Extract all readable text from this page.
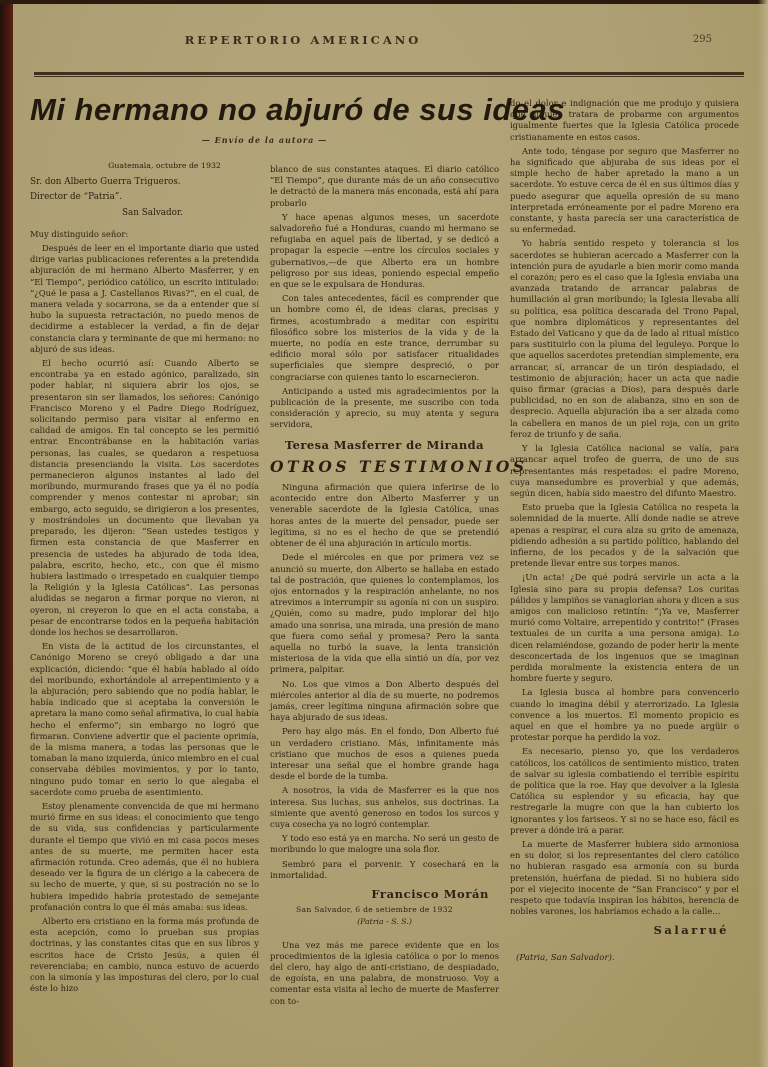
REPERTORIO AMERICANO	295
Mi hermano no abjuró de sus ideas
— Envío de la autora —

Guatemala, octubre de 1932

Sr. don Alberto Guerra Trigueros.

Director de “Patria”.

San Salvador.

Muy distinguido señor:

Después de leer en el importante diario que usted dirige varias publicaciones referentes a la pretendida abjuración de mi hermano Alberto Masferrer, y en “El Tiempo”, periódico católico, un escrito intitulado: “¿Qué le pasa a J. Castellanos Rivas?”, en el cual, de manera velada y socarrona, se da a entender que sí hubo la supuesta retractación, no puedo menos de decidirme a establecer la verdad, a fin de dejar constancia clara y terminante de que mi hermano: no abjuró de sus ideas.

El hecho ocurrió así: Cuando Alberto se encontraba ya en estado agónico, paralizado, sin poder hablar, ni siquiera abrir los ojos, se presentaron sin ser llamados, los señores: Canónigo Francisco Moreno y el Padre Diego Rodríguez, solicitando permiso para visitar al enfermo en calidad de amigos. En tal concepto se les permitió entrar. Encontrábanse en la habitación varias personas, las cuales, se quedaron a respetuosa distancia presenciando la visita. Los sacerdotes permanecieron algunos instantes al lado del moribundo, murmurando frases que ya él no podía comprender y menos contestar ni aprobar; sin embargo, acto seguido, se dirigieron a los presentes, y mostrándoles un documento que llevaban ya preparado, les dijeron: “Sean ustedes testigos y firmen esta constancia de que Masferrer en presencia de ustedes ha abjurado de toda idea, palabra, escrito, hecho, etc., con que él mismo hubiera lastimado o irrespetado en cualquier tiempo la Religión y la Iglesia Católicas”. Las personas aludidas se negaron a firmar porque no vieron, ni oyeron, ni creyeron lo que en el acta constaba, a pesar de encontrarse todos en la pequeña habitación donde los hechos se desarrollaron.

En vista de la actitud de los circunstantes, el Canónigo Moreno se creyó obligado a dar una explicación, diciendo: “que él había hablado al oído del moribundo, exhortándole al arrepentimiento y a la abjuración; pero sabiendo que no podía hablar, le había indicado que si aceptaba la conversión le apretara la mano como señal afirmativa, lo cual había hecho el enfermo”; sin embargo no logró que firmaran. Conviene advertir que el paciente oprimía, de la misma manera, a todas las personas que le tomaban la mano izquierda, único miembro en el cual conservaba débiles movimientos, y por lo tanto, ninguno pudo tomar en serio lo que alegaba el sacerdote como prueba de asentimiento.

Estoy plenamente convencida de que mi hermano murió firme en sus ideas: el conocimiento que tengo de su vida, sus confidencias y particularmente durante el tiempo que vivió en mi casa pocos meses antes de su muerte, me permiten hacer esta afirmación rotunda. Creo además, que él no hubiera deseado ver la figura de un clérigo a la cabecera de su lecho de muerte, y que, si su postración no se lo hubiera impedido habría protestado de semejante profanación contra lo que él más amaba: sus ideas.

Alberto era cristiano en la forma más profunda de esta acepción, como lo prueban sus propias doctrinas, y las constantes citas que en sus libros y escritos hace de Cristo Jesús, a quien él reverenciaba; en cambio, nunca estuvo de acuerdo con la simonía y las imposturas del clero, por lo cual éste lo hizo

blanco de sus constantes ataques. El diario católico “El Tiempo”, que durante más de un año consecutivo le detractó de la manera más enconada, está ahí para probarlo

Y hace apenas algunos meses, un sacerdote salvadoreño fué a Honduras, cuando mi hermano se refugiaba en aquel país de libertad, y se dedicó a propagar la especie —entre los círculos sociales y gubernativos,—de que Alberto era un hombre peligroso por sus ideas, poniendo especial empeño en que se le expulsara de Honduras.

Con tales antecedentes, fácil es comprender que un hombre como él, de ideas claras, precisas y firmes, acostumbrado a meditar con espíritu filosófico sobre los misterios de la vida y de la muerte, no podía en este trance, derrumbar su edificio moral sólo por satisfacer ritualidades superficiales que siempre despreció, o por congraciarse con quienes tanto lo escarnecieron.

Anticipando a usted mis agradecimientos por la publicación de la presente, me suscribo con toda consideración y aprecio, su muy atenta y segura servidora,

Teresa Masferrer de Miranda

OTROS TESTIMONIOS

Ninguna afirmación que quiera inferirse de lo acontecido entre don Alberto Masferrer y un venerable sacerdote de la Iglesia Católica, unas horas antes de la muerte del pensador, puede ser legítima, si no es el hecho de que se pretendió obtener de él una abjuración in artículo mortis.

Dede el miércoles en que por primera vez se anunció su muerte, don Alberto se hallaba en estado tal de postración, que quienes lo contemplamos, los ojos entornados y la respiración anhelante, no nos atrevimos a interrumpir su agonía ni con un suspiro. ¿Quién, como su madre, pudo implorar del hijo amado una sonrisa, una mirada, una presión de mano que fuera como señal y promesa? Pero la santa aquella no turbó la suave, la lenta transición misteriosa de la vida que ella sintió un día, por vez primera, palpitar.

No. Los que vimos a Don Alberto después del miércoles anterior al día de su muerte, no podremos jamás, creer legítima ninguna afirmación sobre que haya abjurado de sus ideas.

Pero hay algo más. En el fondo, Don Alberto fué un verdadero cristiano. Más, infinitamente más cristiano que muchos de esos a quienes pueda interesar una señal que el hombre grande haga desde el borde de la tumba.

A nosotros, la vida de Masferrer es la que nos interesa. Sus luchas, sus anhelos, sus doctrinas. La simiente que aventó generoso en todos los surcos y cuya cosecha ya no logró contemplar.

Y todo eso está ya en marcha. No será un gesto de moribundo lo que malogre una sola flor.

Sembró para el porvenir. Y cosechará en la inmortalidad.

Francisco Morán

San Salvador, 6 de setiembre de 1932

(Patria - S. S.)

Una vez más me parece evidente que en los procedimientos de la iglesia católica o por lo menos del clero, hay algo de anti-cristiano, de despiadado, de egoísta, en una palabra, de monstruoso. Voy a comentar esta visita al lecho de muerte de Masferrer con to-

do el dolor e indignación que me produjo y quisiera que alguien tratara de probarme con argumentos igualmente fuertes que la Iglesia Católica procede cristianamente en estos casos.

Ante todo, téngase por seguro que Masferrer no ha significado que abjuraba de sus ideas por el simple hecho de haber apretado la mano a un sacerdote. Yo estuve cerca de él en sus últimos días y puedo asegurar que aquella opresión de su mano interpretada erróneamente por el padre Moreno era constante, y hasta parecía ser una característica de su enfermedad.

Yo habría sentido respeto y tolerancia si los sacerdotes se hubieran acercado a Masferrer con la intención pura de ayudarle a bien morir como manda el corazón; pero es el caso que la Iglesia enviaba una avanzada tratando de arrancar palabras de humillación al gran moribundo; la Iglesia llevaba allí su política, esa política descarada del Trono Papal, que nombra diplomáticos y representantes del Estado del Vaticano y que da de lado al ritual místico para sustituirlo con la pluma del leguleyo. Porque lo que aquellos sacerdotes pretendían simplemente, era arrancar, sí, arrancar de un tirón despiadado, el testimonio de abjuración; hacer un acta que nadie quiso firmar (gracias a Dios), para después darle publicidad, no en son de alabanza, sino en son de desprecio. Aquella abjuración iba a ser alzada como la cabellera en manos de un piel roja, con un grito feroz de triunfo y de saña.

Y la Iglesia Católica nacional se valía, para arrancar aquel trofeo de guerra, de uno de sus representantes más respetados: el padre Moreno, cuya mansedumbre es proverbial y que además, según dicen, había sido maestro del difunto Maestro.

Esto prueba que la Iglesia Católica no respeta la solemnidad de la muerte. Allí donde nadie se atreve apenas a respirar, el cura alza su grito de amenaza, pidiendo adhesión a su partido político, hablando del infierno, de los pecados y de la salvación que pretende llevar entre sus torpes manos.

¡Un acta! ¿De qué podrá servirle un acta a la Iglesia sino para su propia defensa? Los curitas pálidos y lampiños se vanaglorian ahora y dicen a sus amigos con malicioso retintín: “¡Ya ve, Masferrer murió como Voltaire, arrepentido y contrito!” (Frases textuales de un curita a una persona amiga). Lo dicen relamiéndose, gozando de poder herir la mente desconcertada de los ingenuos que se imaginan perdida moralmente la existencia entera de un hombre fuerte y seguro.

La Iglesia busca al hombre para convencerlo cuando lo imagina débil y aterrorizado. La Iglesia convence a los muertos. El momento propicio es aquel en que el hombre ya no puede argüir o protestar porque ha perdido la voz.

Es necesario, pienso yo, que los verdaderos católicos, los católicos de sentimiento místico, traten de salvar su iglesia combatiendo el terrible espíritu de política que la roe. Hay que devolver a la Iglesia Católica su esplendor y su eficacia, hay que restregarle la mugre con que la han cubierto los ignorantes y los fariseos. Y si no se hace eso, fácil es prever a dónde irá a parar.

La muerte de Masferrer hubiera sido armoniosa en su dolor, si los representantes del clero católico no hubieran rasgado esa armonía con su burda pretensión, huérfana de piedad. Si no hubiera sido por el viejecito inocente de “San Francisco” y por el respeto que todavía inspiran los hábitos, herencia de nobles varones, los habríamos echado a la calle…

Salarrué

(Patria, San Salvador).
